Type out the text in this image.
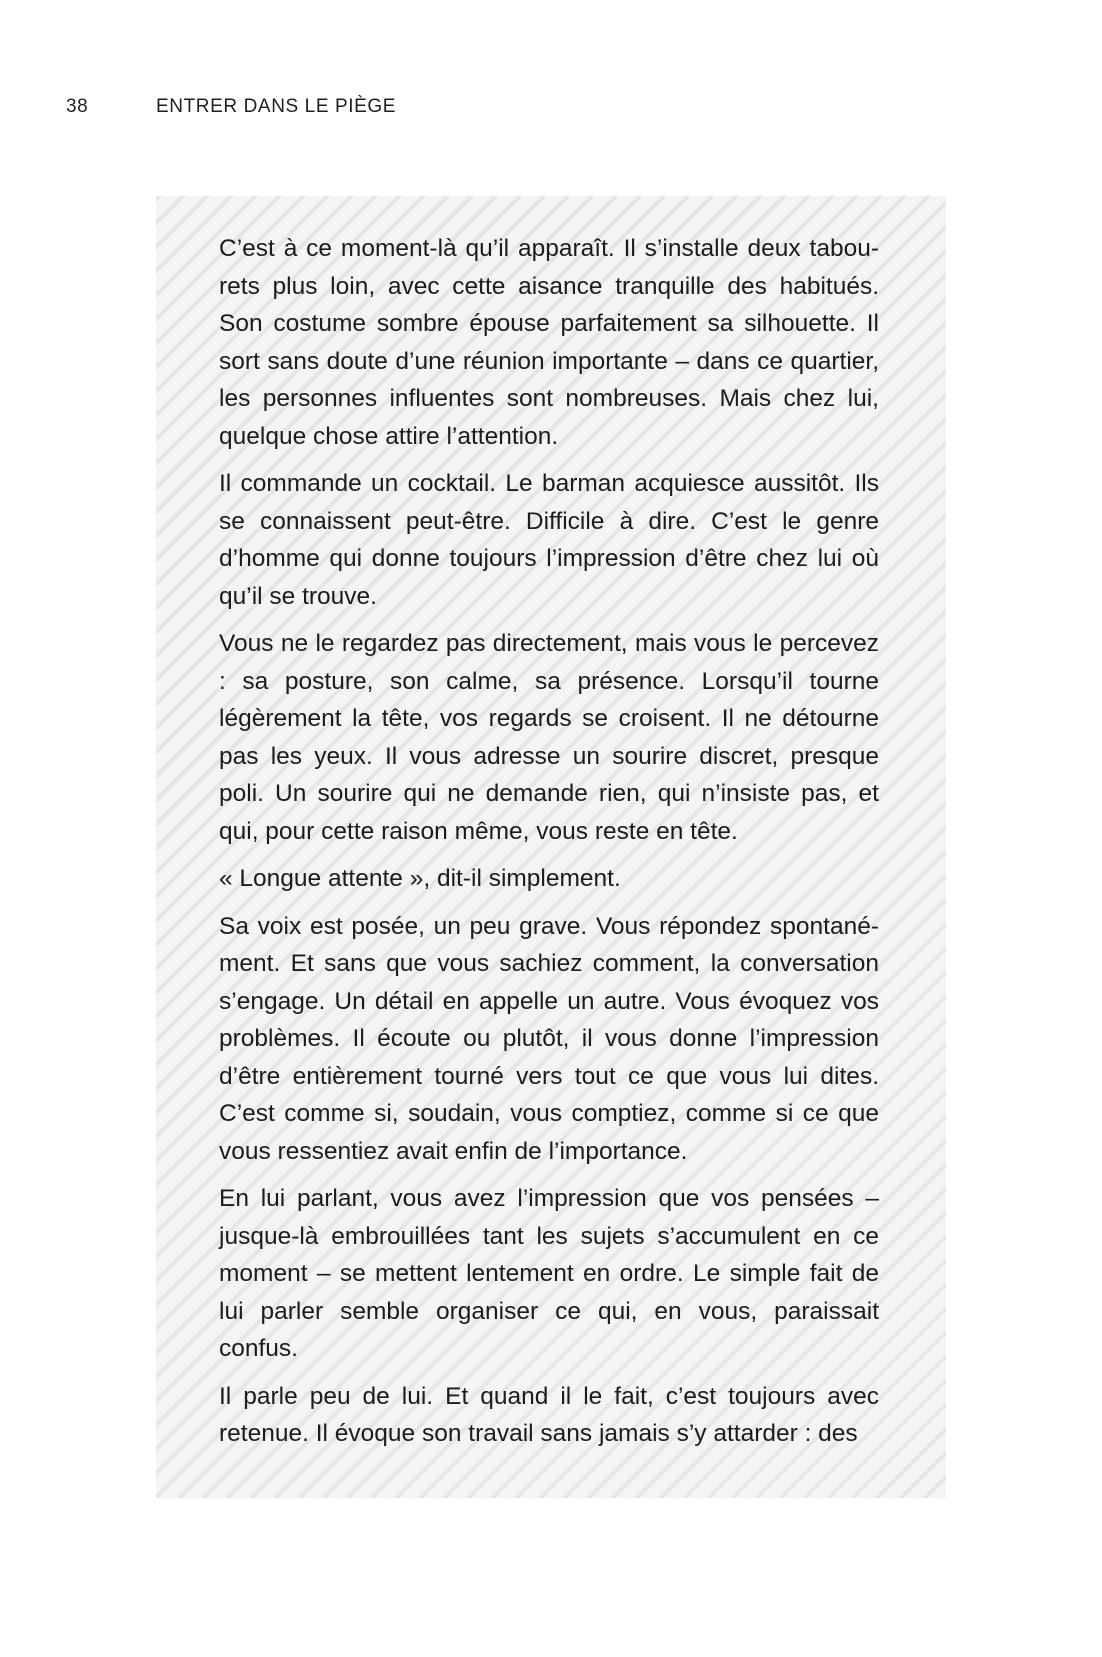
38	ENTRER DANS LE PIÈGE

C’est à ce moment-là qu’il apparaît. Il s’installe deux tabourets plus loin, avec cette aisance tranquille des habitués. Son costume sombre épouse parfaitement sa silhouette. Il sort sans doute d’une réunion importante – dans ce quartier, les personnes influentes sont nombreuses. Mais chez lui, quelque chose attire l’attention.

Il commande un cocktail. Le barman acquiesce aussitôt. Ils se connaissent peut-être. Difficile à dire. C’est le genre d’homme qui donne toujours l’impression d’être chez lui où qu’il se trouve.

Vous ne le regardez pas directement, mais vous le percevez : sa posture, son calme, sa présence. Lorsqu’il tourne légèrement la tête, vos regards se croisent. Il ne détourne pas les yeux. Il vous adresse un sourire discret, presque poli. Un sourire qui ne demande rien, qui n’insiste pas, et qui, pour cette raison même, vous reste en tête.

« Longue attente », dit-il simplement.

Sa voix est posée, un peu grave. Vous répondez spontanément. Et sans que vous sachiez comment, la conversation s’engage. Un détail en appelle un autre. Vous évoquez vos problèmes. Il écoute ou plutôt, il vous donne l’impression d’être entièrement tourné vers tout ce que vous lui dites. C’est comme si, soudain, vous comptiez, comme si ce que vous ressentiez avait enfin de l’importance.

En lui parlant, vous avez l’impression que vos pensées – jusque-là embrouillées tant les sujets s’accumulent en ce moment – se mettent lentement en ordre. Le simple fait de lui parler semble organiser ce qui, en vous, paraissait confus.

Il parle peu de lui. Et quand il le fait, c’est toujours avec retenue. Il évoque son travail sans jamais s’y attarder : des
